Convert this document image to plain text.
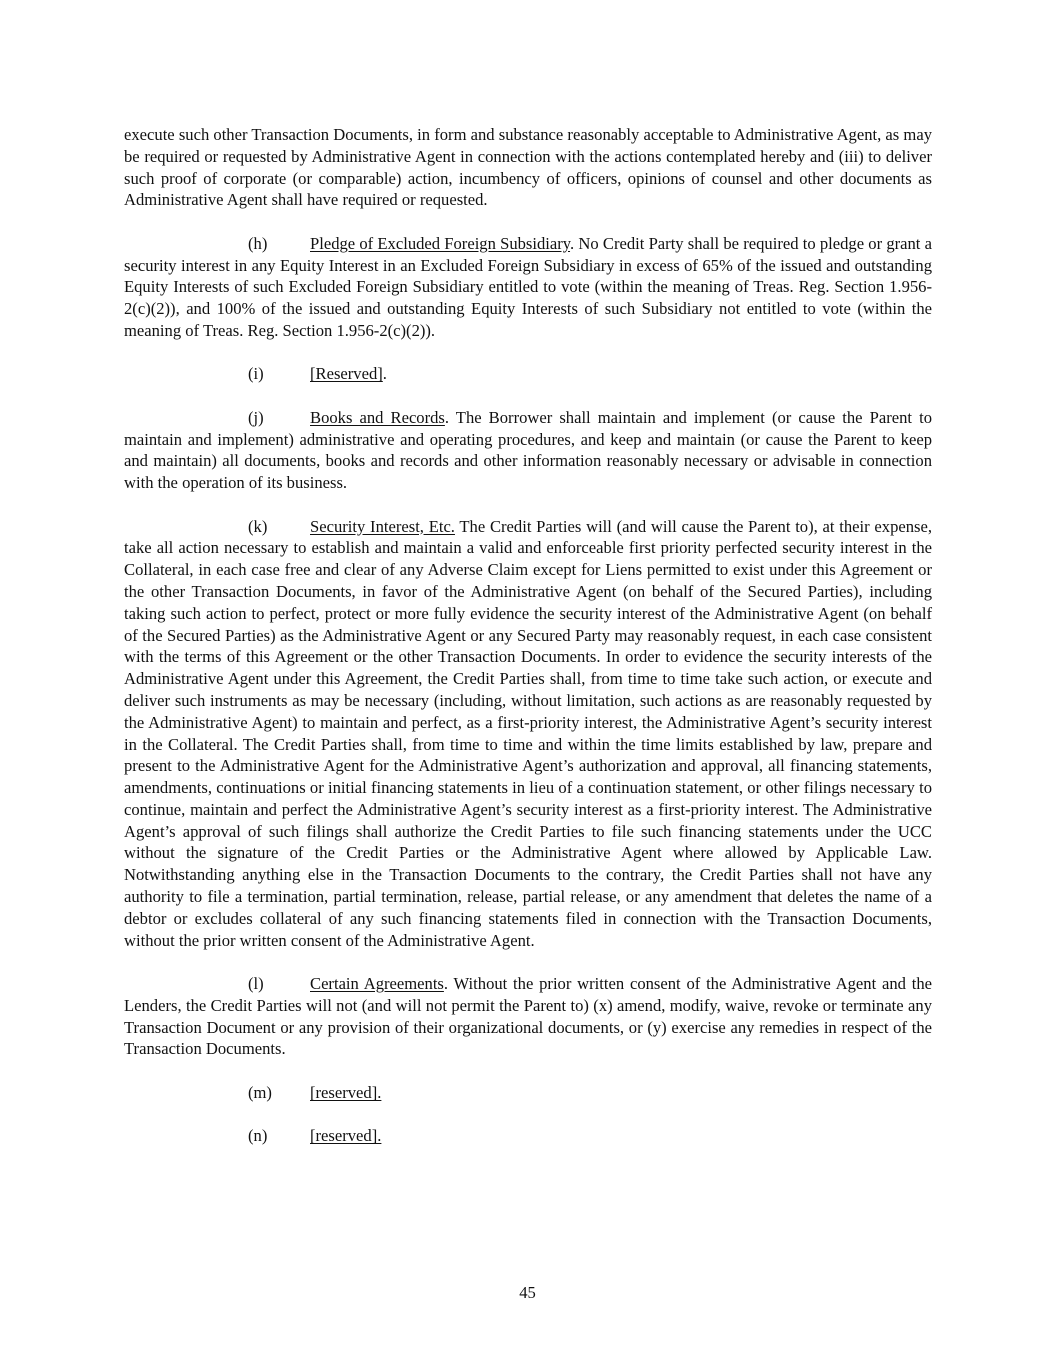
execute such other Transaction Documents, in form and substance reasonably acceptable to Administrative Agent, as may be required or requested by Administrative Agent in connection with the actions contemplated hereby and (iii) to deliver such proof of corporate (or comparable) action, incumbency of officers, opinions of counsel and other documents as Administrative Agent shall have required or requested.

(h)	Pledge of Excluded Foreign Subsidiary. No Credit Party shall be required to pledge or grant a security interest in any Equity Interest in an Excluded Foreign Subsidiary in excess of 65% of the issued and outstanding Equity Interests of such Excluded Foreign Subsidiary entitled to vote (within the meaning of Treas. Reg. Section 1.956-2(c)(2)), and 100% of the issued and outstanding Equity Interests of such Subsidiary not entitled to vote (within the meaning of Treas. Reg. Section 1.956-2(c)(2)).

(i)	[Reserved].

(j)	Books and Records. The Borrower shall maintain and implement (or cause the Parent to maintain and implement) administrative and operating procedures, and keep and maintain (or cause the Parent to keep and maintain) all documents, books and records and other information reasonably necessary or advisable in connection with the operation of its business.

(k)	Security Interest, Etc. The Credit Parties will (and will cause the Parent to), at their expense, take all action necessary to establish and maintain a valid and enforceable first priority perfected security interest in the Collateral, in each case free and clear of any Adverse Claim except for Liens permitted to exist under this Agreement or the other Transaction Documents, in favor of the Administrative Agent (on behalf of the Secured Parties), including taking such action to perfect, protect or more fully evidence the security interest of the Administrative Agent (on behalf of the Secured Parties) as the Administrative Agent or any Secured Party may reasonably request, in each case consistent with the terms of this Agreement or the other Transaction Documents. In order to evidence the security interests of the Administrative Agent under this Agreement, the Credit Parties shall, from time to time take such action, or execute and deliver such instruments as may be necessary (including, without limitation, such actions as are reasonably requested by the Administrative Agent) to maintain and perfect, as a first-priority interest, the Administrative Agent’s security interest in the Collateral. The Credit Parties shall, from time to time and within the time limits established by law, prepare and present to the Administrative Agent for the Administrative Agent’s authorization and approval, all financing statements, amendments, continuations or initial financing statements in lieu of a continuation statement, or other filings necessary to continue, maintain and perfect the Administrative Agent’s security interest as a first-priority interest. The Administrative Agent’s approval of such filings shall authorize the Credit Parties to file such financing statements under the UCC without the signature of the Credit Parties or the Administrative Agent where allowed by Applicable Law. Notwithstanding anything else in the Transaction Documents to the contrary, the Credit Parties shall not have any authority to file a termination, partial termination, release, partial release, or any amendment that deletes the name of a debtor or excludes collateral of any such financing statements filed in connection with the Transaction Documents, without the prior written consent of the Administrative Agent.

(l)	Certain Agreements. Without the prior written consent of the Administrative Agent and the Lenders, the Credit Parties will not (and will not permit the Parent to) (x) amend, modify, waive, revoke or terminate any Transaction Document or any provision of their organizational documents, or (y) exercise any remedies in respect of the Transaction Documents.

(m) [reserved].

(n)	[reserved].

45
